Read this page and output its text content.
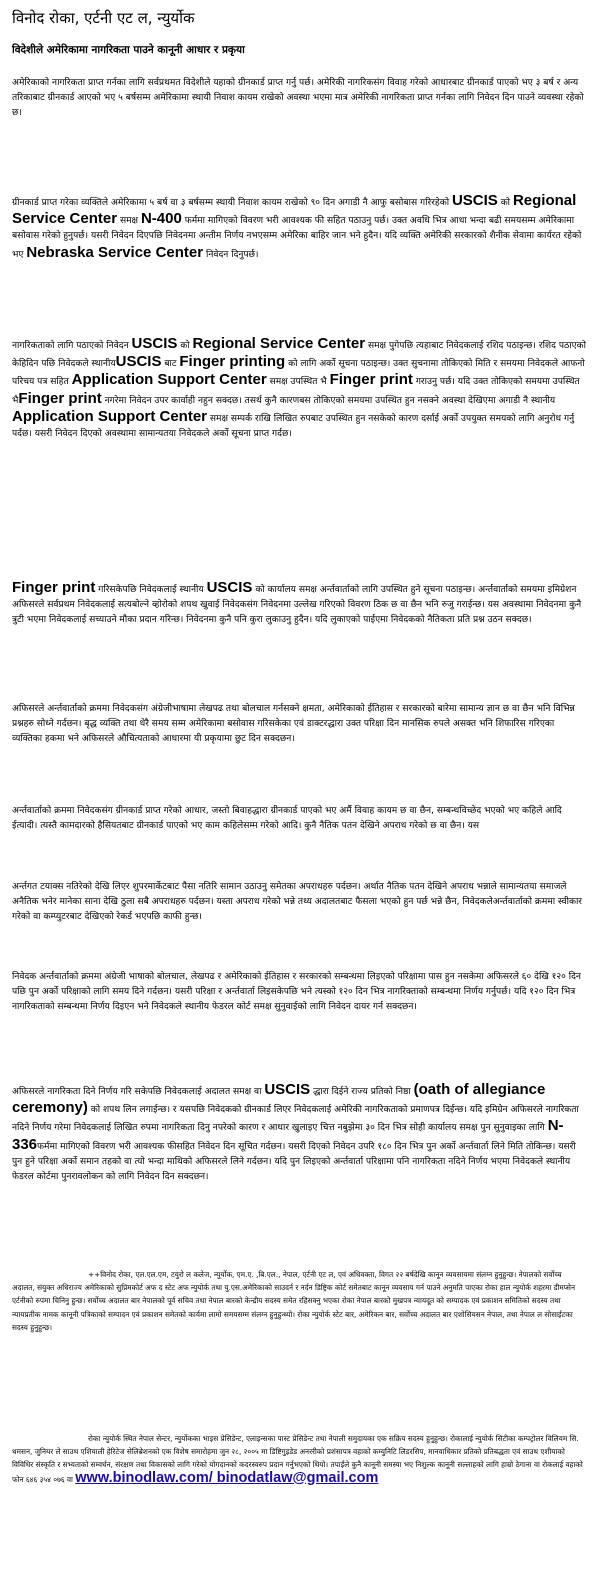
विनोद रोका, एर्टनी एट ल, न्युर्योक
विदेशीले अमेरिकामा नागरिकता पाउने कानूनी आधार र प्रकृया

अमेरिकाको नागरिकता प्राप्त गर्नका लागि सर्वप्रथमत विदेशीले यहाको ग्रीनकार्ड प्राप्त गर्नु पर्छ। अमेरिकी नागरिकसंग विवाह गरेको आधारबाट ग्रीनकार्ड पाएको भए ३ बर्ष र अन्य तरिकाबाट ग्रीनकार्ड आएको भए ५ बर्षसम्म अमेरिकामा स्थायी निवाश कायम राखेको अवस्था भएमा मात्र अमेरिकी नागरिकता प्राप्त गर्नका लागि निवेदन दिन पाउने व्यवस्था रहेको छ।

ग्रीनकार्ड प्राप्त गरेका व्यक्तिले अमेरिकामा ५ बर्ष वा ३ बर्षसम्म स्थायी निवाश कायम राखेको ९० दिन अगाडी नै आफु बसोबास गरिरहेको USCIS को Regional Service Center समक्ष N-400 फर्ममा मागिएको विवरण भरी आवश्यक फी सहित पठाउनु पर्छ। उक्त अवधि भित्र आधा भन्दा बढी समयसम्म अमेरिकामा बसोवास गरेको हुनुपर्छ। यसरी निवेदन दिएपछि निवेदनमा अन्तीम निर्णय नभएसम्म अमेरिका बाहिर जान भने हुदैन। यदि व्यक्ति अमेरिकी सरकारको शैनीक सेवामा कार्यरत रहेको भए Nebraska Service Center निवेदन दिनुपर्छ।

नागरिकताको लागि पठाएको निवेदन USCIS को Regional Service Center समक्ष पुगेपछि त्यहाबाट निवेदकलाई रशिद पठाइन्छ। रशिद पठाएको केहिदिन पछि निवेदकले स्थानीयUSCIS बाट Finger printing को लागि अर्को सूचना पठाइन्छ। उक्त सुचनामा तोकिएको मिति र समयमा निवेदकले आफनो परिचय पत्र सहित Application Support Center समक्ष उपस्थित भै Finger print गराउनु पर्छ। यदि उक्त तोकिएको समयमा उपस्थित भैFinger print नगरेमा निवेदन उपर कार्वाही नहुन सक्दछ। तसर्थ कुनै कारणबस तोकिएको समयमा उपस्थित हुन नसक्ने अवस्था देखिएमा अगाडी नै स्थानीय Application Support Center समक्ष सम्पर्क राखि लिखित रुपबाट उपस्थित हुन नसकेको कारण दर्साई अर्को उपयुक्त समयको लागि अनुरोध गर्नु पर्दछ। यसरी निवेदन दिएको अवस्थामा सामान्यतया निवेदकले अर्को सूचना प्राप्त गर्दछ।

Finger print गरिसकेपछि निवेदकलाई स्थानीय USCIS को कार्यालय समक्ष अर्न्तवार्ताको लागि उपस्थित हुने सूचना पठाइन्छ। अर्न्तवार्ताको समयमा इमिग्रेशन अफिसरले सर्वप्रथम निवेदकलाई सत्यबोल्ने व्होरोको शपथ खुवाई निवेदकसंग निवेदनमा उल्लेख गरिएको विवरण ठिक छ वा छैन भनि रुजु गराईन्छ। यस अवस्थामा निवेदनमा कुनै त्रुटी भएमा निवेदकलाई सच्याउने मौका प्रदान गरिन्छ। निवेदनमा कुनै पनि कुरा लुकाउनु हुदैन। यदि लुकाएको पाईएमा निवेदकको नैतिकता प्रति प्रश्न उठन सक्दछ।

अफिसरले अर्न्तवार्ताको क्रममा निवेदकसंग अंग्रेजीभाषामा लेखपढ तथा बोलचाल गर्नसक्ने क्षमता, अमेरिकाको ईतिहास र सरकारको बारेमा सामान्य ज्ञान छ वा छैन भनि विभिन्न प्रश्नहरु सोध्ने गर्दछन। बृद्ध व्यक्ति तथा धेरै समय सम्म अमेरिकामा बसोवास गरिसकेका एवं डाक्टरद्धारा उक्त परिक्षा दिन मानसिक रुपले असक्त भनि शिफारिस गरिएका व्यक्तिका हकमा भने अफिसरले औचित्यताको आधारमा यी प्रकृयामा छुट दिन सक्दछन।

अर्न्तवार्ताको क्रममा निवेदकसंग ग्रीनकार्ड प्राप्त गरेको आधार, जस्तो बिवाहद्धारा ग्रीनकार्ड पाएको भए अर्मै विवाह कायम छ वा छैन, सम्बन्धविच्छेद भएको भए कहिले आदि ईत्यादी। त्यस्तै कामदारको हैसियतबाट ग्रीनकार्ड पाएको भए काम कहिलेसम्म गरेको आदि। कुनै नैतिक पतन देखिने अपराध गरेको छ वा छैन। यस

अर्न्तगत टयाक्स नतिरेको देखि लिएर शुपरमार्केटबाट पैसा नतिरि सामान उठाउनु समेतका अपराधहरु पर्दछन। अर्थात नैतिक पतन देखिने अपराध भन्नाले सामान्यतया समाजले अनैतिक भनेर मानेका साना देखि ठुला सबै अपराधहरु पर्दछन। यस्ता अपराध गरेको भन्ने तथ्य अदालतबाट फैसला भएको हुन पर्छ भन्ने छैन, निवेदकलेअर्न्तवार्ताको क्रममा स्वीकार गरेको वा कम्प्युटरबाट देखिएको रेकर्ड भएपछि काफी हुन्छ।

निवेदक अर्न्तवार्ताको क्रममा अंग्रेजी भाषाको बोलचाल, लेखपढ र अमेरिकाको ईतिहास र सरकारको सम्बन्धमा लिइएको परिक्षामा पास हुन नसकेमा अफिसरले ६० देखि १२० दिन पछि पुन अर्को परिक्षाको लागि समय दिने गर्दछन। यसरी परिक्षा र अर्न्तवार्ता लिइसकेपछि भने त्यस्को १२० दिन भित्र नागरिक्ताको सम्बन्धमा निर्णय गर्नुपर्छ। यदि १२० दिन भित्र नागरिकताको सम्बन्धमा निर्णय दिइएन भने निवेदकले स्थानीय फेडरल कोर्ट समक्ष सुनुवाईको लागि निवेदन दायर गर्न सक्दछन।

अफिसरले नागरिकता दिने निर्णय गरि सकेपछि निवेदकलाई अदालत समक्ष वा USCIS द्धारा दिईने राज्य प्रतिको निष्ठा (oath of allegiance ceremony) को शपथ लिन लगाईन्छ। र यसपछि निवेदकको ग्रीनकार्ड लिएर निवेदकलाई अमेरिकी नागरिकताको प्रमाणपत्र दिईन्छ। यदि इमिग्रेन अफिसरले नागरिकता नदिने निर्णय गरेमा निवेदकलाई लिखित रुपमा नागरिकता दिनु नपरेको कारण र आधार खुलाइए चित्त नबुझेमा ३० दिन भित्र सोही कार्यालय समक्ष पुन सुनुवाइका लागि N-336फर्ममा मागिएको विवरण भरी आवश्यक फीसहित निवेदन दिन सूचित गर्दछन। यसरी दिएको निवेदन उपरि १८० दिन भित्र पुन अर्को अर्न्तवार्ता लिने मिति तोकिन्छ। यसरी पुन हुने परिक्षा अर्को समान तहको वा त्यो भन्दा माथिको अफिसरले लिने गर्दछन। यदि पुन लिइएको अर्न्तवार्ता परिक्षामा पनि नागरिकता नदिने निर्णय भएमा निवेदकले स्थानीय फेडरल कोर्टमा पुनरावलोकन को लागि निवेदन दिन सक्दछन।

++विनोद रोका, एल.एल.एम, टयुरो ल कलेज, न्युर्योक, एम.ए. ,बि.एल., नेपाल, एर्टनी एट ल, एवं अधिवक्ता, विगत २२ बर्षदेखि कानून व्यवसायमा संलग्न हुनुहुन्छ। नेपालको सर्वोच्च अदालत, संयुक्त अधिराज्य अमेरिकाको सुप्रिमकोर्ट अफ द स्टेट अफ न्युयोर्क तथा यु.एस.अमेरिकाको साउदर्न र नर्दन डिष्ट्रिक कोर्ट समेतबाट कानून व्यवसाय गर्न पाउने अनुमति पाएका रोका हाल न्युयोर्क शहरमा डीमप्सेन एर्टनीको रुपमा चिनिनु हुन्छ। सर्वोच्च अदालत बार नेपालको पूर्व सचिव तथा नेपाल बारको केन्द्रीय सदस्य समेत रहिसक्नु भएका रोका नेपाल बारको मुखपत्र न्यायदूत को सम्पादक एवं प्रकाशन समितिको सदस्य तथा न्यायप्रतीक नामक कानूनी पत्रिकाको सम्पादन एवं प्रकाशन समेतको कार्यमा लामो समयसम्म संलग्न हुनुहुन्थ्यो। रोका न्युयोर्क स्टेट बार, अमेरिकन बार, सर्वोच्च अदालत बार एशोसियसन नेपाल, तथा नेपाल ल सोसाईटका सदस्य हुनुहुन्छ।

रोका न्युयोर्क स्थित नेपाल सेन्टर, न्युर्योकका भाइस प्रेसिडेन्ट, एलाइन्सका पास्ट प्रेसिडेन्ट तथा नेपाली समुदायका एक सक्रिय सदस्य हुनुहुन्छ। रोकालाई न्युयोर्क सिटीका कम्पट्रोलर विलियम सि. थमसन, जुनियर ले साउथ एशियाली हेरिटेज सेलिब्रेशनको एक विशेष समारोहमा जुन २८, २००५ मा डिष्टिगुइडेड अनररीको प्रशंसापत्र वहाको कम्युनिटि लिडरसिप, मानवाधिकार प्रतिको प्रतिबद्धता एवं साउथ एशीयाको विविधिर संस्कृति र सभ्यताको सम्वर्धन, संरक्षण तथा विकासको लागि गरेको योगदानको कदरस्वरुप प्रदान गर्नुभएको थियो। तपाईंले कुनै कानूनी समस्या भए निशुल्क कानूनी सल्लाहको लागि हाम्रो ठेगाना वा रोकलाई वहाको फोन ६४६ ३५४ ०७६ वा www.binodlaw.com/ binodatlaw@gmail.com
